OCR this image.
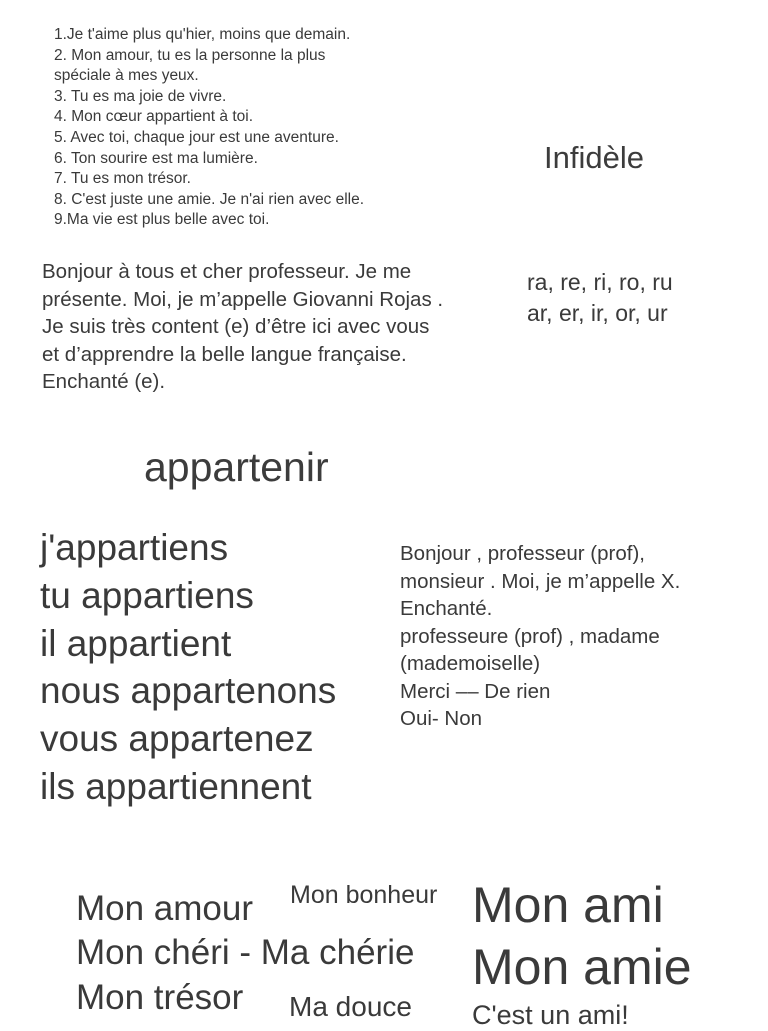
1.Je t'aime plus qu'hier, moins que demain.
2. Mon amour, tu es la personne la plus
spéciale à mes yeux.
3. Tu es ma joie de vivre.
4. Mon cœur appartient à toi.
5. Avec toi, chaque jour est une aventure.
6. Ton sourire est ma lumière.
7. Tu es mon trésor.
8. C'est juste une amie. Je n'ai rien avec elle.
9.Ma vie est plus belle avec toi.
Infidèle
Bonjour à tous et cher professeur. Je me
présente. Moi, je m’appelle Giovanni Rojas .
Je suis très content (e) d’être ici avec vous
et d’apprendre la belle langue française.
Enchanté (e).
ra, re, ri, ro, ru
ar, er, ir, or, ur
appartenir
j'appartiens
tu appartiens
il appartient
nous appartenons
vous appartenez
ils appartiennent
Bonjour , professeur (prof),
monsieur . Moi, je m’appelle X.
Enchanté.
professeure (prof) , madame
(mademoiselle)
Merci –– De rien
Oui- Non
Mon amour Mon bonheur
Mon chéri - Ma chérie
Mon trésor Ma douce
Mon ami
Mon amie
C'est un ami!
